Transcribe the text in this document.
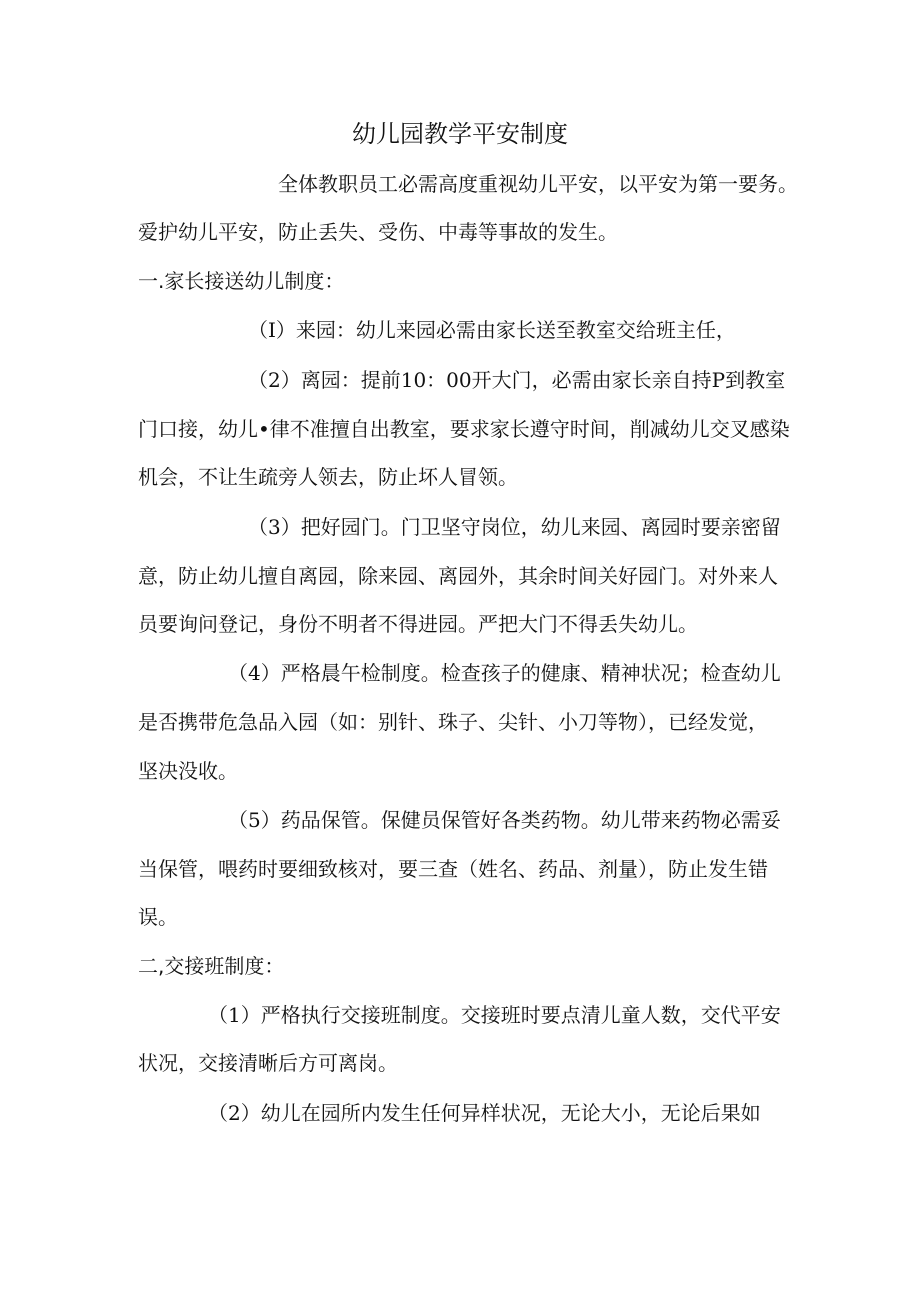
幼儿园教学平安制度
全体教职员工必需高度重视幼儿平安，以平安为第一要务。
爱护幼儿平安，防止丢失、受伤、中毒等事故的发生。
一.家长接送幼儿制度：
（I）来园：幼儿来园必需由家长送至教室交给班主任，
（2）离园：提前10：00开大门，必需由家长亲自持P到教室
门口接，幼儿•律不准擅自出教室，要求家长遵守时间，削减幼儿交叉感染
机会，不让生疏旁人领去，防止坏人冒领。
（3）把好园门。门卫坚守岗位，幼儿来园、离园时要亲密留
意，防止幼儿擅自离园，除来园、离园外，其余时间关好园门。对外来人
员要询问登记，身份不明者不得进园。严把大门不得丢失幼儿。
（4）严格晨午检制度。检查孩子的健康、精神状况；检查幼儿
是否携带危急品入园（如：别针、珠子、尖针、小刀等物），已经发觉，
坚决没收。
（5）药品保管。保健员保管好各类药物。幼儿带来药物必需妥
当保管，喂药时要细致核对，要三查（姓名、药品、剂量），防止发生错
误。
二,交接班制度：
（1）严格执行交接班制度。交接班时要点清儿童人数，交代平安
状况，交接清晰后方可离岗。
（2）幼儿在园所内发生任何异样状况，无论大小，无论后果如
